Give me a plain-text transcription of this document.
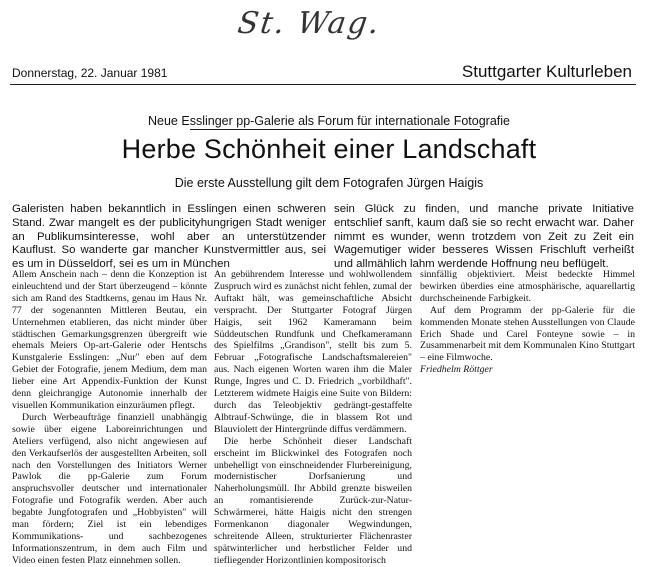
St. Wag.
Donnerstag, 22. Januar 1981	Stuttgarter Kulturleben
Neue Esslinger pp-Galerie als Forum für internationale Fotografie
Herbe Schönheit einer Landschaft
Die erste Ausstellung gilt dem Fotografen Jürgen Haigis
Galeristen haben bekanntlich in Esslingen einen schweren Stand. Zwar mangelt es der publicityhungrigen Stadt weniger an Publikumsinteresse, wohl aber an unterstützender Kauflust. So wanderte gar mancher Kunstvermittler aus, sei es um in Düsseldorf, sei es um in München
sein Glück zu finden, und manche private Initiative entschlief sanft, kaum daß sie so recht erwacht war. Daher nimmt es wunder, wenn trotzdem von Zeit zu Zeit ein Wagemutiger wider besseres Wissen Frischluft verheißt und allmählich lahm werdende Hoffnung neu beflügelt.

Allem Anschein nach – denn die Konzeption ist einleuchtend und der Start überzeugend – könnte sich am Rand des Stadtkerns, genau im Haus Nr. 77 der sogenannten Mittleren Beutau, ein Unternehmen etablieren, das nicht minder über städtischen Gemarkungsgrenzen übergreift wie ehemals Meiers Op-art-Galerie oder Hentschs Kunstgalerie Esslingen: „Nur" eben auf dem Gebiet der Fotografie, jenem Medium, dem man lieber eine Art Appendix-Funktion der Kunst denn gleichrangige Autonomie innerhalb der visuellen Kommunikation einzuräumen pflegt.

Durch Werbeaufträge finanziell unabhängig sowie über eigene Laboreinrichtungen und Ateliers verfügend, also nicht angewiesen auf den Verkaufserlös der ausgestellten Arbeiten, soll nach den Vorstellungen des Initiators Werner Pawlok die pp-Galerie zum Forum anspruchsvoller deutscher und internationaler Fotografie und Fotografik werden. Aber auch begabte Jungfotografen und „Hobbyisten" will man fördern; Ziel ist ein lebendiges Kommunikations- und sachbezogenes Informationszentrum, in dem auch Film und Video einen festen Platz einnehmen sollen.

An gebührendem Interesse und wohlwollendem Zuspruch wird es zunächst nicht fehlen, zumal der Auftakt hält, was gemeinschaftliche Absicht verspracht. Der Stuttgarter Fotograf Jürgen Haigis, seit 1962 Kameramann beim Süddeutschen Rundfunk und Chefkameramann des Spielfilms „Grandison", stellt bis zum 5. Februar „Fotografische Landschaftsmalereien" aus. Nach eigenen Worten waren ihm die Maler Runge, Ingres und C. D. Friedrich „vorbildhaft". Letzterem widmete Haigis eine Suite von Bildern: durch das Teleobjektiv gedrängt-gestaffelte Albtrauf-Schwünge, die in blassem Rot und Blauviolett der Hintergründe diffus verdämmern.

Die herbe Schönheit dieser Landschaft erscheint im Blickwinkel des Fotografen noch unbehelligt von einschneidender Flurbereinigung, modernistischer Dorfsanierung und Naherholungsmüll. Ihr Abbild grenzte bisweilen an romantisierende Zurück-zur-Natur-Schwärmerei, hätte Haigis nicht den strengen Formenkanon diagonaler Wegwindungen, schreitende Alleen, strukturierter Flächenraster spätwinterlicher und herbstlicher Felder und tiefliegender Horizontlinien kompositorisch

sinnfällig objektiviert. Meist bedeckte Himmel bewirken überdies eine atmosphärische, aquarellartig durchscheinende Farbigkeit.

Auf dem Programm der pp-Galerie für die kommenden Monate stehen Ausstellungen von Claude Erich Shade und Carel Fonteyne sowie – in Zusammenarbeit mit dem Kommunalen Kino Stuttgart – eine Filmwoche.

Friedhelm Röttger
